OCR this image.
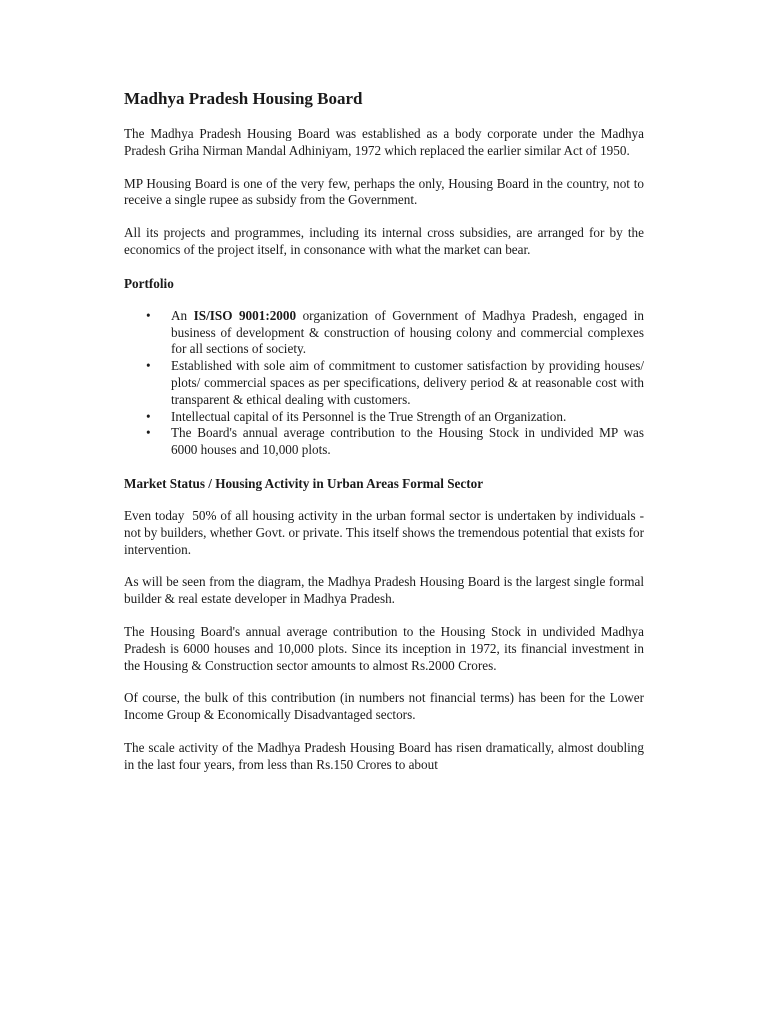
Madhya Pradesh Housing Board

The Madhya Pradesh Housing Board was established as a body corporate under the Madhya Pradesh Griha Nirman Mandal Adhiniyam, 1972 which replaced the earlier similar Act of 1950.

MP Housing Board is one of the very few, perhaps the only, Housing Board in the country, not to receive a single rupee as subsidy from the Government.

All its projects and programmes, including its internal cross subsidies, are arranged for by the economics of the project itself, in consonance with what the market can bear.

Portfolio
• An IS/ISO 9001:2000 organization of Government of Madhya Pradesh, engaged in business of development & construction of housing colony and commercial complexes for all sections of society.
• Established with sole aim of commitment to customer satisfaction by providing houses/ plots/ commercial spaces as per specifications, delivery period & at reasonable cost with transparent & ethical dealing with customers.
• Intellectual capital of its Personnel is the True Strength of an Organization.
• The Board's annual average contribution to the Housing Stock in undivided MP was 6000 houses and 10,000 plots.
Market Status / Housing Activity in Urban Areas Formal Sector

Even today  50% of all housing activity in the urban formal sector is undertaken by individuals - not by builders, whether Govt. or private. This itself shows the tremendous potential that exists for intervention.

As will be seen from the diagram, the Madhya Pradesh Housing Board is the largest single formal builder & real estate developer in Madhya Pradesh.

The Housing Board's annual average contribution to the Housing Stock in undivided Madhya Pradesh is 6000 houses and 10,000 plots. Since its inception in 1972, its financial investment in the Housing & Construction sector amounts to almost Rs.2000 Crores.

Of course, the bulk of this contribution (in numbers not financial terms) has been for the Lower Income Group & Economically Disadvantaged sectors.

The scale activity of the Madhya Pradesh Housing Board has risen dramatically, almost doubling in the last four years, from less than Rs.150 Crores to about
